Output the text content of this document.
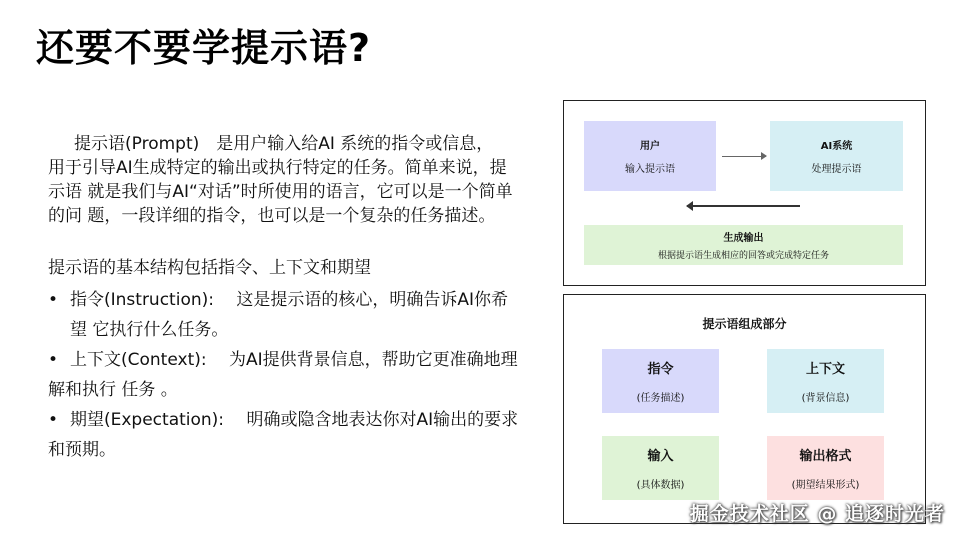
还要不要学提示语?

提示语(Prompt)　是用户输入给AI 系统的指令或信息，

用于引导AI生成特定的输出或执行特定的任务。简单来说，提

示语 就是我们与AI“对话”时所使用的语言，它可以是一个简单

的问 题，一段详细的指令，也可以是一个复杂的任务描述。

提示语的基本结构包括指令、上下文和期望

• 指令(Instruction):　 这是提示语的核心，明确告诉AI你希
望 它执行什么任务。
• 上下文(Context):　 为AI提供背景信息，帮助它更准确地理
解和执行 任务 。
• 期望(Expectation):　 明确或隐含地表达你对AI输出的要求
和预期。
用户
输入提示语
AI系统
处理提示语
生成输出
根据提示语生成相应的回答或完成特定任务
提示语组成部分
指令
(任务描述)
上下文
(背景信息)
输入
(具体数据)
输出格式
(期望结果形式)
掘金技术社区 @ 追逐时光者
